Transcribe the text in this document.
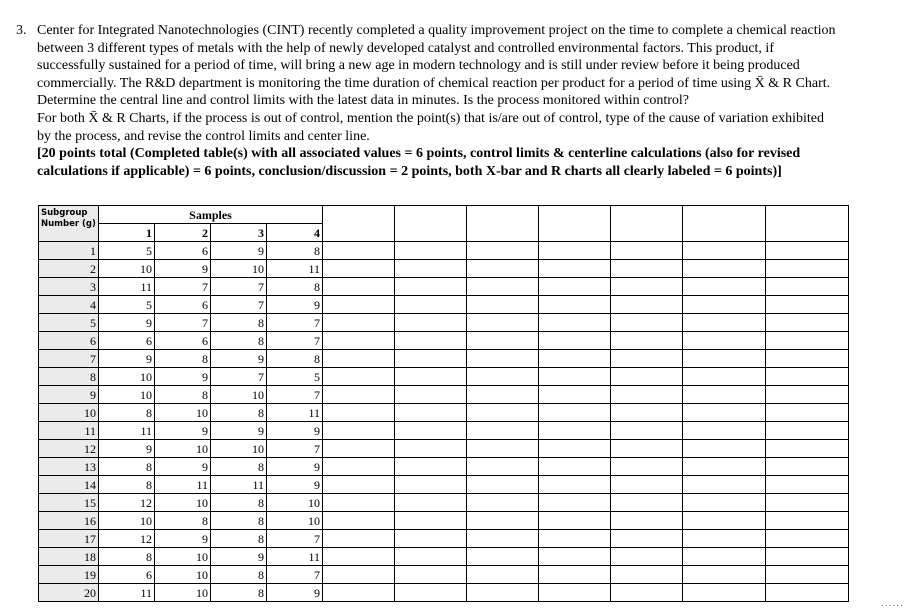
3. Center for Integrated Nanotechnologies (CINT) recently completed a quality improvement project on the time to complete a chemical reaction

between 3 different types of metals with the help of newly developed catalyst and controlled environmental factors. This product, if

successfully sustained for a period of time, will bring a new age in modern technology and is still under review before it being produced

commercially. The R&D department is monitoring the time duration of chemical reaction per product for a period of time using X̄ & R Chart.

Determine the central line and control limits with the latest data in minutes. Is the process monitored within control?

For both X̄ & R Charts, if the process is out of control, mention the point(s) that is/are out of control, type of the cause of variation exhibited

by the process, and revise the control limits and center line.

[20 points total (Completed table(s) with all associated values = 6 points, control limits & centerline calculations (also for revised

calculations if applicable) = 6 points, conclusion/discussion = 2 points, both X-bar and R charts all clearly labeled = 6 points)]

Subgroup
Number (g)	Samples										
	1	2	3	4							
1	5	6	9	8							
2	10	9	10	11							
3	11	7	7	8							
4	5	6	7	9							
5	9	7	8	7							
6	6	6	8	7							
7	9	8	9	8							
8	10	9	7	5							
9	10	8	10	7							
10	8	10	8	11							
11	11	9	9	9							
12	9	10	10	7							
13	8	9	8	9							
14	8	11	11	9							
15	12	10	8	10							
16	10	8	8	10							
17	12	9	8	7							
18	8	10	9	11							
19	6	10	8	7							
20	11	10	8	9							
......
